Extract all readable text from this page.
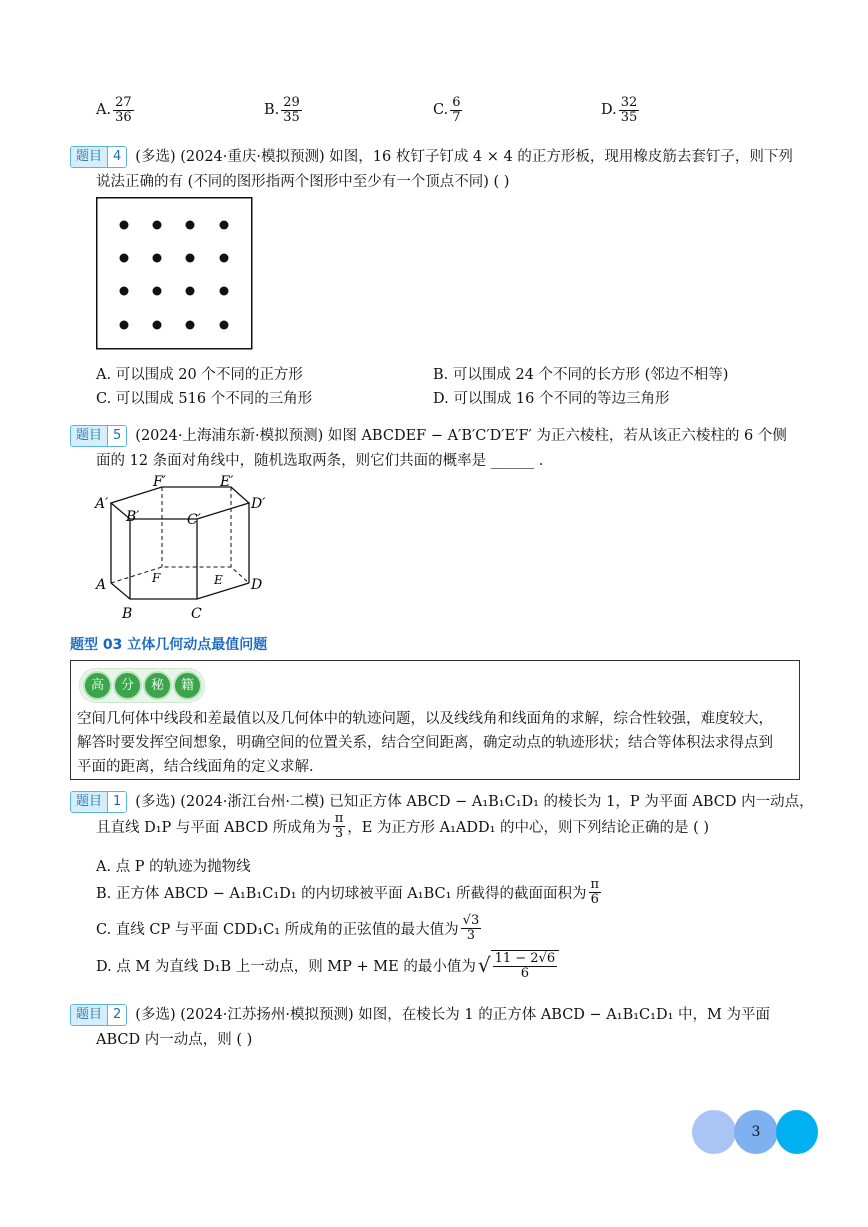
A. $\frac{27}{36}$	B. $\frac{29}{35}$	C. $\frac{6}{7}$	D. $\frac{32}{35}$
题目 4 (多选) (2024·重庆·模拟预测) 如图，16 枚钉子钉成 4 × 4 的正方形板，现用橡皮筋去套钉子，则下列
说法正确的有 (不同的图形指两个图形中至少有一个顶点不同) ( )
A. 可以围成 20 个不同的正方形	B. 可以围成 24 个不同的长方形 (邻边不相等)
C. 可以围成 516 个不同的三角形	D. 可以围成 16 个不同的等边三角形
题目 5 (2024·上海浦东新·模拟预测) 如图 ABCDEF − A′B′C′D′E′F′ 为正六棱柱，若从该正六棱柱的 6 个侧
面的 12 条面对角线中，随机选取两条，则它们共面的概率是 ______ ．
A′
B′	C′
D′
E′
F′
A
B	C
D
E
F
题型 03 立体几何动点最值问题
高	分	秘	籍
空间几何体中线段和差最值以及几何体中的轨迹问题，以及线线角和线面角的求解，综合性较强，难度较大，
解答时要发挥空间想象，明确空间的位置关系，结合空间距离，确定动点的轨迹形状；结合等体积法求得点到
平面的距离，结合线面角的定义求解.
题目 1 (多选) (2024·浙江台州·二模) 已知正方体 ABCD − A₁B₁C₁D₁ 的棱长为 1，P 为平面 ABCD 内一动点，
且直线 D₁P 与平面 ABCD 所成角为 $\frac{\pi}{3}$ ，E 为正方形 A₁ADD₁ 的中心，则下列结论正确的是 ( )
A. 点 P 的轨迹为抛物线
B. 正方体 ABCD − A₁B₁C₁D₁ 的内切球被平面 A₁BC₁ 所截得的截面面积为 $\frac{\pi}{6}$
C. 直线 CP 与平面 CDD₁C₁ 所成角的正弦值的最大值为 $\frac{√3}{3}$
D. 点 M 为直线 D₁B 上一动点，则 MP + ME 的最小值为 √ $\frac{11 - 2√6}{6}$
题目 2 (多选) (2024·江苏扬州·模拟预测) 如图，在棱长为 1 的正方体 ABCD − A₁B₁C₁D₁ 中，M 为平面
ABCD 内一动点，则 ( )
3
